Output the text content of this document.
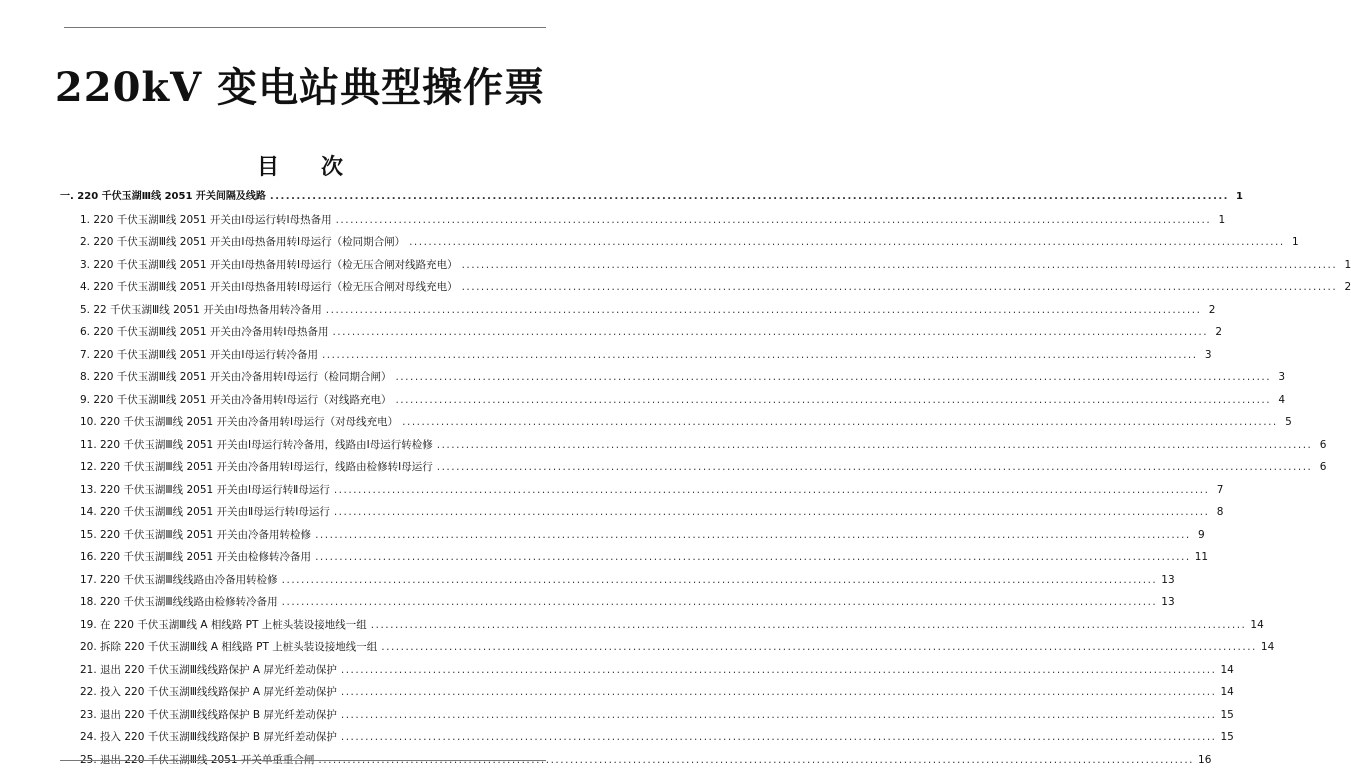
220kV 变电站典型操作票
目次
一. 220 千伏玉湖Ⅲ线 2051 开关间隔及线路 .....	1
1. 220 千伏玉湖Ⅲ线 2051 开关由Ⅰ母运行转Ⅰ母热备用 .....	1
2. 220 千伏玉湖Ⅲ线 2051 开关由Ⅰ母热备用转Ⅰ母运行（检同期合闸） .....	1
3. 220 千伏玉湖Ⅲ线 2051 开关由Ⅰ母热备用转Ⅰ母运行（检无压合闸对线路充电） .....	1
4. 220 千伏玉湖Ⅲ线 2051 开关由Ⅰ母热备用转Ⅰ母运行（检无压合闸对母线充电） .....	2
5. 22 千伏玉湖Ⅲ线 2051 开关由Ⅰ母热备用转冷备用 .....	2
6. 220 千伏玉湖Ⅲ线 2051 开关由冷备用转Ⅰ母热备用 .....	2
7. 220 千伏玉湖Ⅲ线 2051 开关由Ⅰ母运行转冷备用 .....	3
8. 220 千伏玉湖Ⅲ线 2051 开关由冷备用转Ⅰ母运行（检同期合闸） .....	3
9. 220 千伏玉湖Ⅲ线 2051 开关由冷备用转Ⅰ母运行（对线路充电） .....	4
10. 220 千伏玉湖Ⅲ线 2051 开关由冷备用转Ⅰ母运行（对母线充电） .....	5
11. 220 千伏玉湖Ⅲ线 2051 开关由Ⅰ母运行转冷备用，线路由Ⅰ母运行转检修 .....	6
12. 220 千伏玉湖Ⅲ线 2051 开关由冷备用转Ⅰ母运行，线路由检修转Ⅰ母运行 .....	6
13. 220 千伏玉湖Ⅲ线 2051 开关由Ⅰ母运行转Ⅱ母运行 .....	7
14. 220 千伏玉湖Ⅲ线 2051 开关由Ⅱ母运行转Ⅰ母运行 .....	8
15. 220 千伏玉湖Ⅲ线 2051 开关由冷备用转检修 .....	9
16. 220 千伏玉湖Ⅲ线 2051 开关由检修转冷备用 .....	11
17. 220 千伏玉湖Ⅲ线线路由冷备用转检修 .....	13
18. 220 千伏玉湖Ⅲ线线路由检修转冷备用 .....	13
19. 在 220 千伏玉湖Ⅲ线 A 相线路 PT 上桩头装设接地线一组 .....	14
20. 拆除 220 千伏玉湖Ⅲ线 A 相线路 PT 上桩头装设接地线一组 .....	14
21. 退出 220 千伏玉湖Ⅲ线线路保护 A 屏光纤差动保护 .....	14
22. 投入 220 千伏玉湖Ⅲ线线路保护 A 屏光纤差动保护 .....	14
23. 退出 220 千伏玉湖Ⅲ线线路保护 B 屏光纤差动保护 .....	15
24. 投入 220 千伏玉湖Ⅲ线线路保护 B 屏光纤差动保护 .....	15
25. 退出 220 千伏玉湖Ⅲ线 2051 开关单重重合闸 .....	16
